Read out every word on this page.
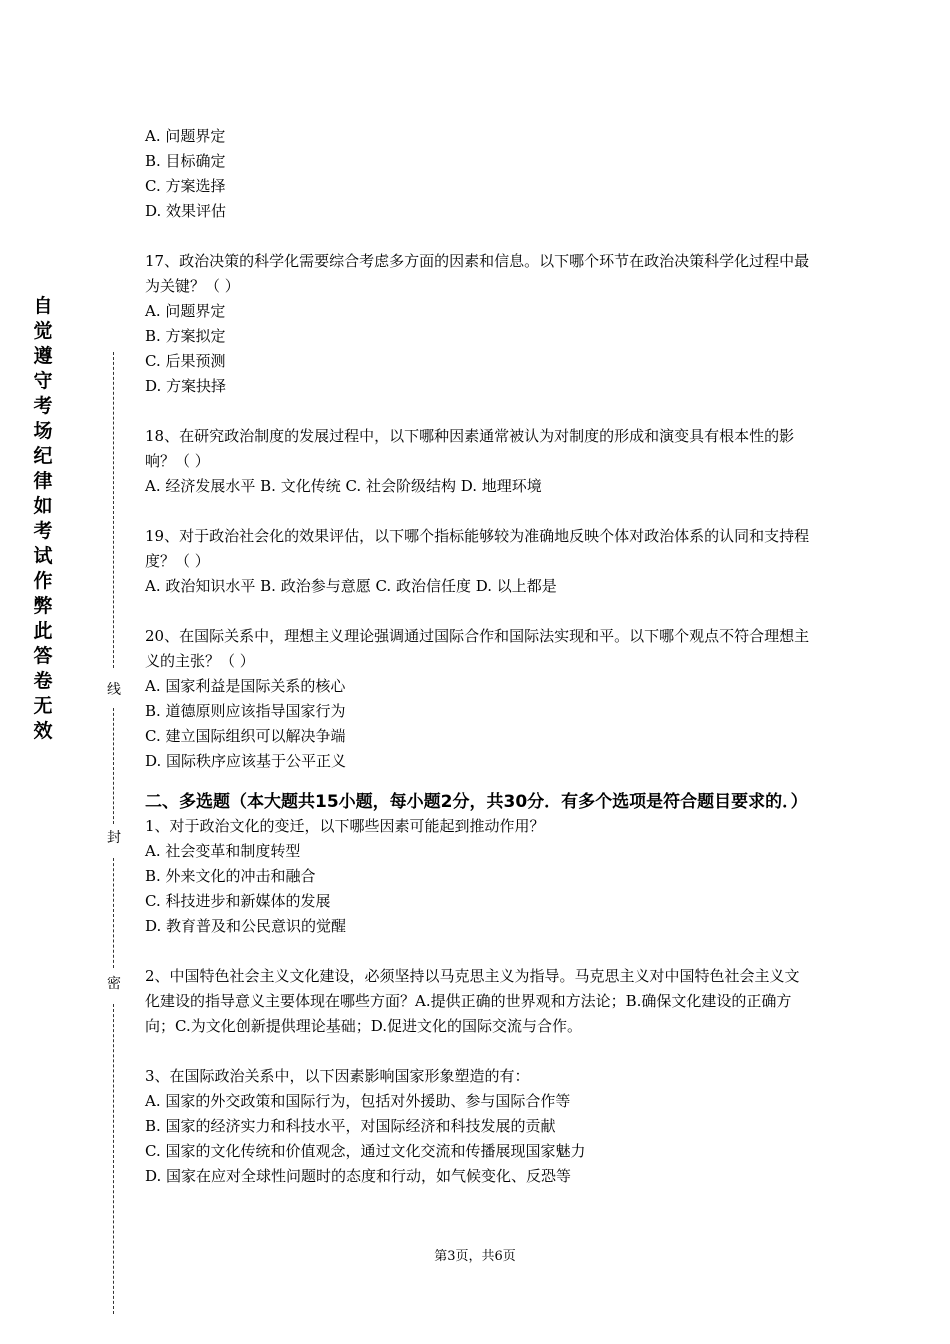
自
觉
遵
守
考
场
纪
律
如
考
试
作
弊
此
答
卷
无
效
线
封
密
A. 问题界定
B. 目标确定
C. 方案选择
D. 效果评估
17、政治决策的科学化需要综合考虑多方面的因素和信息。以下哪个环节在政治决策科学化过程中最为关键？（ ）
A. 问题界定
B. 方案拟定
C. 后果预测
D. 方案抉择
18、在研究政治制度的发展过程中，以下哪种因素通常被认为对制度的形成和演变具有根本性的影响？（ ）
A. 经济发展水平 B. 文化传统 C. 社会阶级结构 D. 地理环境
19、对于政治社会化的效果评估，以下哪个指标能够较为准确地反映个体对政治体系的认同和支持程度？（ ）
A. 政治知识水平 B. 政治参与意愿 C. 政治信任度 D. 以上都是
20、在国际关系中，理想主义理论强调通过国际合作和国际法实现和平。以下哪个观点不符合理想主义的主张？（ ）
A. 国家利益是国际关系的核心
B. 道德原则应该指导国家行为
C. 建立国际组织可以解决争端
D. 国际秩序应该基于公平正义
二、多选题（本大题共15小题，每小题2分，共30分．有多个选项是符合题目要求的．）
1、对于政治文化的变迁，以下哪些因素可能起到推动作用？
A. 社会变革和制度转型
B. 外来文化的冲击和融合
C. 科技进步和新媒体的发展
D. 教育普及和公民意识的觉醒
2、中国特色社会主义文化建设，必须坚持以马克思主义为指导。马克思主义对中国特色社会主义文化建设的指导意义主要体现在哪些方面？A.提供正确的世界观和方法论；B.确保文化建设的正确方向；C.为文化创新提供理论基础；D.促进文化的国际交流与合作。
3、在国际政治关系中，以下因素影响国家形象塑造的有：
A. 国家的外交政策和国际行为，包括对外援助、参与国际合作等
B. 国家的经济实力和科技水平，对国际经济和科技发展的贡献
C. 国家的文化传统和价值观念，通过文化交流和传播展现国家魅力
D. 国家在应对全球性问题时的态度和行动，如气候变化、反恐等
第3页，共6页
